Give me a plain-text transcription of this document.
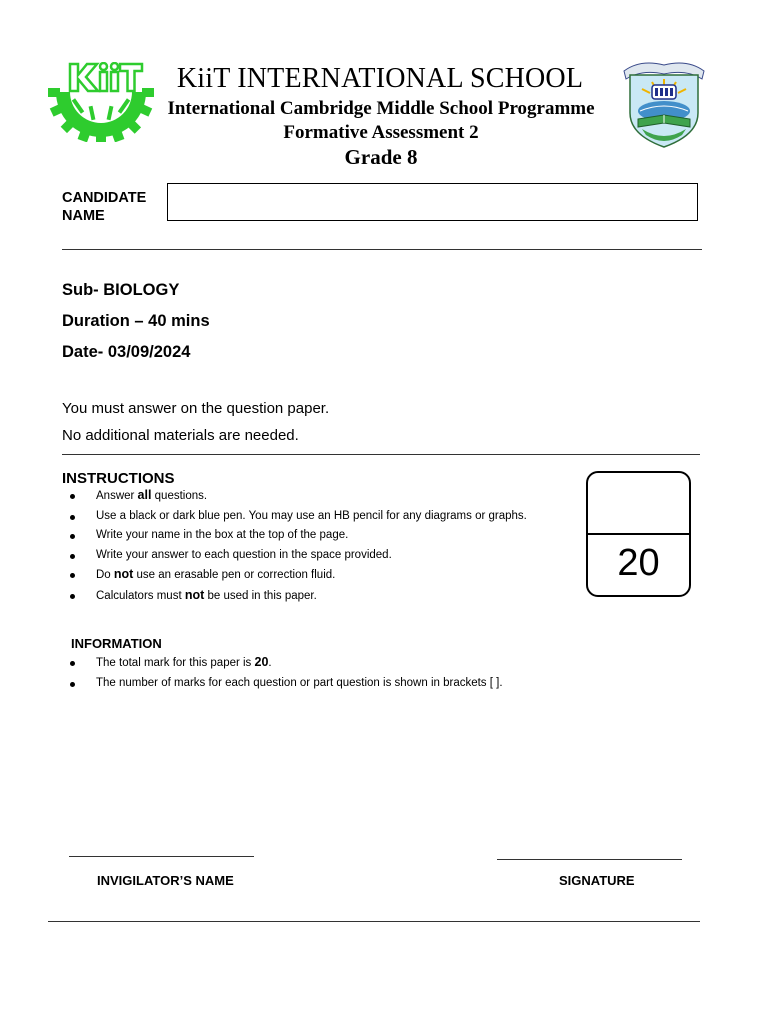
KiiT INTERNATIONAL SCHOOL
International Cambridge Middle School Programme
Formative Assessment 2
Grade 8
CANDIDATE
NAME
Sub- BIOLOGY
Duration – 40 mins
Date- 03/09/2024
You must answer on the question paper.
No additional materials are needed.
INSTRUCTIONS
Answer all questions.
Use a black or dark blue pen. You may use an HB pencil for any diagrams or graphs.
Write your name in the box at the top of the page.
Write your answer to each question in the space provided.
Do not use an erasable pen or correction fluid.
Calculators must not be used in this paper.
20
INFORMATION
The total mark for this paper is 20.
The number of marks for each question or part question is shown in brackets [ ].
INVIGILATOR’S NAME	SIGNATURE
